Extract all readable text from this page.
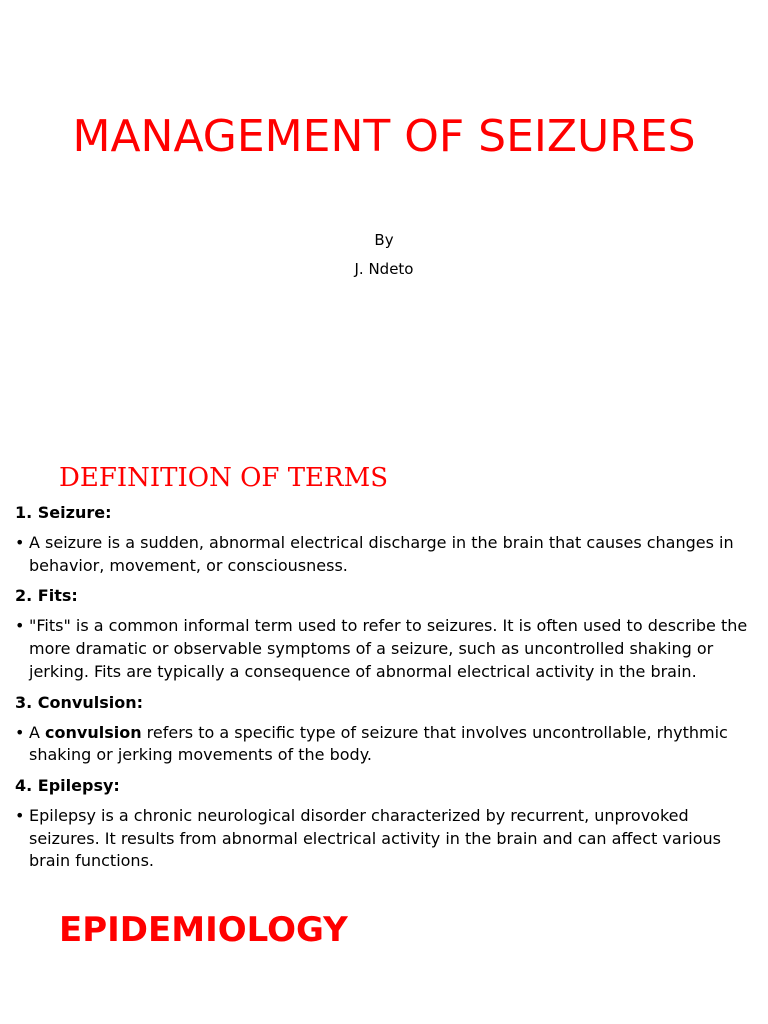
MANAGEMENT OF SEIZURES
By
J. Ndeto
DEFINITION OF TERMS

1. Seizure:

• A seizure is a sudden, abnormal electrical discharge in the brain that causes changes in behavior, movement, or consciousness.

2. Fits:

• "Fits" is a common informal term used to refer to seizures. It is often used to describe the more dramatic or observable symptoms of a seizure, such as uncontrolled shaking or jerking. Fits are typically a consequence of abnormal electrical activity in the brain.

3. Convulsion:

• A convulsion refers to a specific type of seizure that involves uncontrollable, rhythmic shaking or jerking movements of the body.

4. Epilepsy:

• Epilepsy is a chronic neurological disorder characterized by recurrent, unprovoked seizures. It results from abnormal electrical activity in the brain and can affect various brain functions.
EPIDEMIOLOGY
